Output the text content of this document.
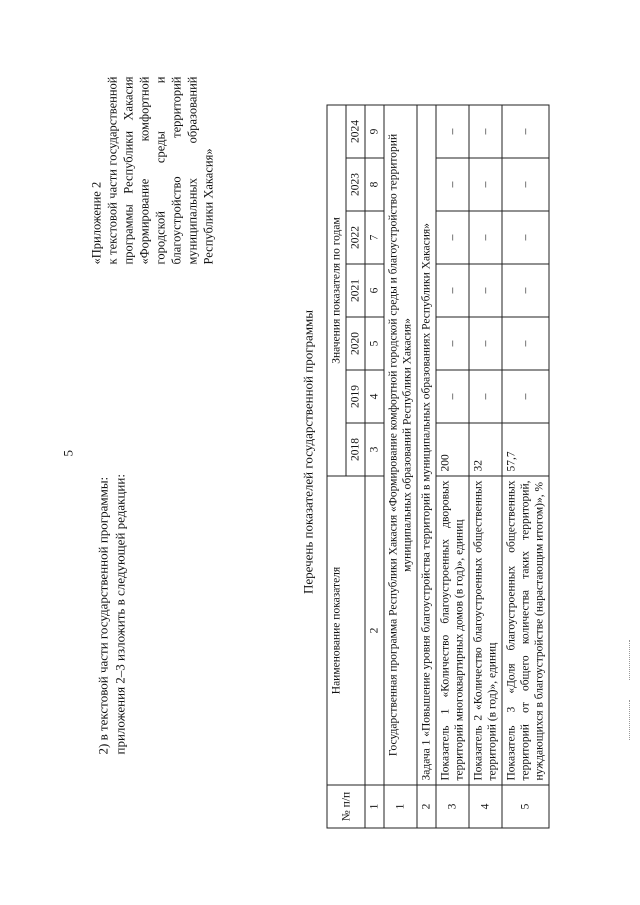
5
2) в текстовой части государственной программы: приложения 2–3 изложить в следующей редакции:
«Приложение 2 к текстовой части государственной программы Республики Хакасия «Формирование комфортной городской среды и благоустройство территорий муниципальных образований Республики Хакасия»
Перечень показателей государственной программы
№ п/п	Наименование показателя	Значения показателя по годам						
		2018	2019	2020	2021	2022	2023	2024
1	2	3	4	5	6	7	8	9
1	Государственная программа Республики Хакасия «Формирование комфортной городской среды и благоустройство территорий муниципальных образований Республики Хакасия»							
2	Задача 1 «Повышение уровня благоустройства территорий в муниципальных образованиях Республики Хакасия»							
3	Показатель 1 «Количество благоустроенных дворовых территорий многоквартирных домов (в год)», единиц	200	–	–	–	–	–	–
4	Показатель 2 «Количество благоустроенных общественных территорий (в год)», единиц	32	–	–	–	–	–	–
5	Показатель 3 «Доля благоустроенных общественных территорий от общего количества таких территорий, нуждающихся в благоустройстве (нарастающим итогом)», %	57,7	–	–	–	–	–	–
